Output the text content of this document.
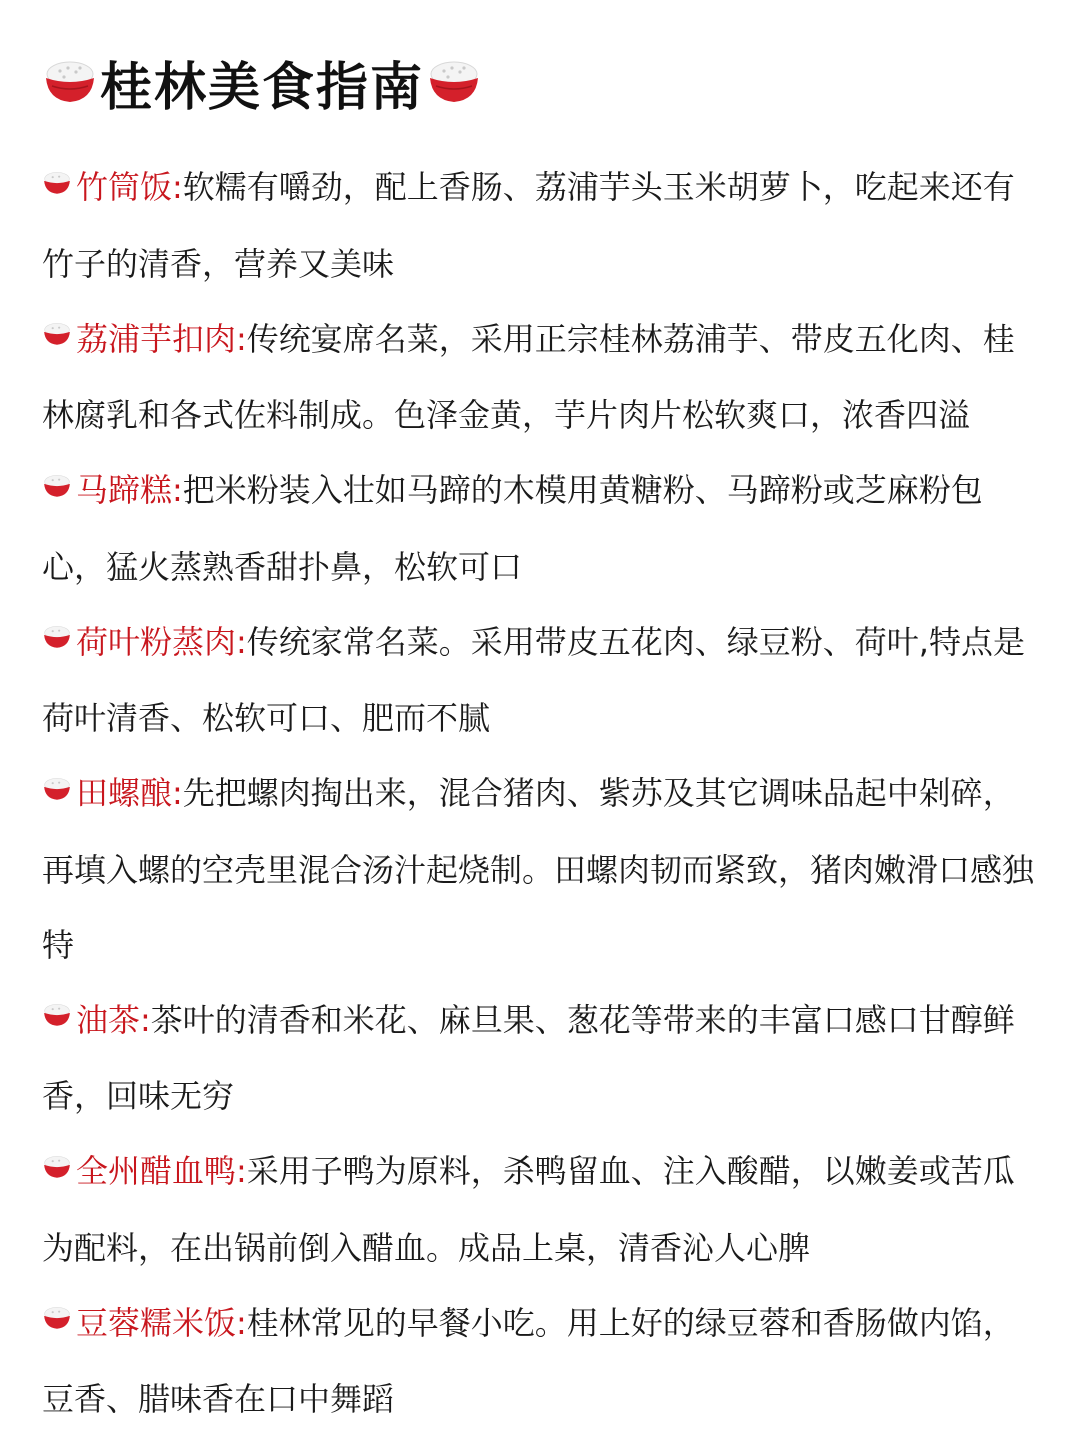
桂林美食指南

竹筒饭:软糯有嚼劲，配上香肠、荔浦芋头玉米胡萝卜，吃起来还有竹子的清香，营养又美味

荔浦芋扣肉:传统宴席名菜，采用正宗桂林荔浦芋、带皮五化肉、桂林腐乳和各式佐料制成。色泽金黄，芋片肉片松软爽口，浓香四溢

马蹄糕:把米粉装入壮如马蹄的木模用黄糖粉、马蹄粉或芝麻粉包心，猛火蒸熟香甜扑鼻，松软可口

荷叶粉蒸肉:传统家常名菜。采用带皮五花肉、绿豆粉、荷叶,特点是荷叶清香、松软可口、肥而不腻

田螺酿:先把螺肉掏出来，混合猪肉、紫苏及其它调味品起中剁碎，再填入螺的空壳里混合汤汁起烧制。田螺肉韧而紧致，猪肉嫩滑口感独特

油茶:茶叶的清香和米花、麻旦果、葱花等带来的丰富口感口甘醇鲜香，回味无穷

全州醋血鸭:采用子鸭为原料，杀鸭留血、注入酸醋，以嫩姜或苦瓜为配料，在出锅前倒入醋血。成品上桌，清香沁人心脾

豆蓉糯米饭:桂林常见的早餐小吃。用上好的绿豆蓉和香肠做内馅，豆香、腊味香在口中舞蹈
